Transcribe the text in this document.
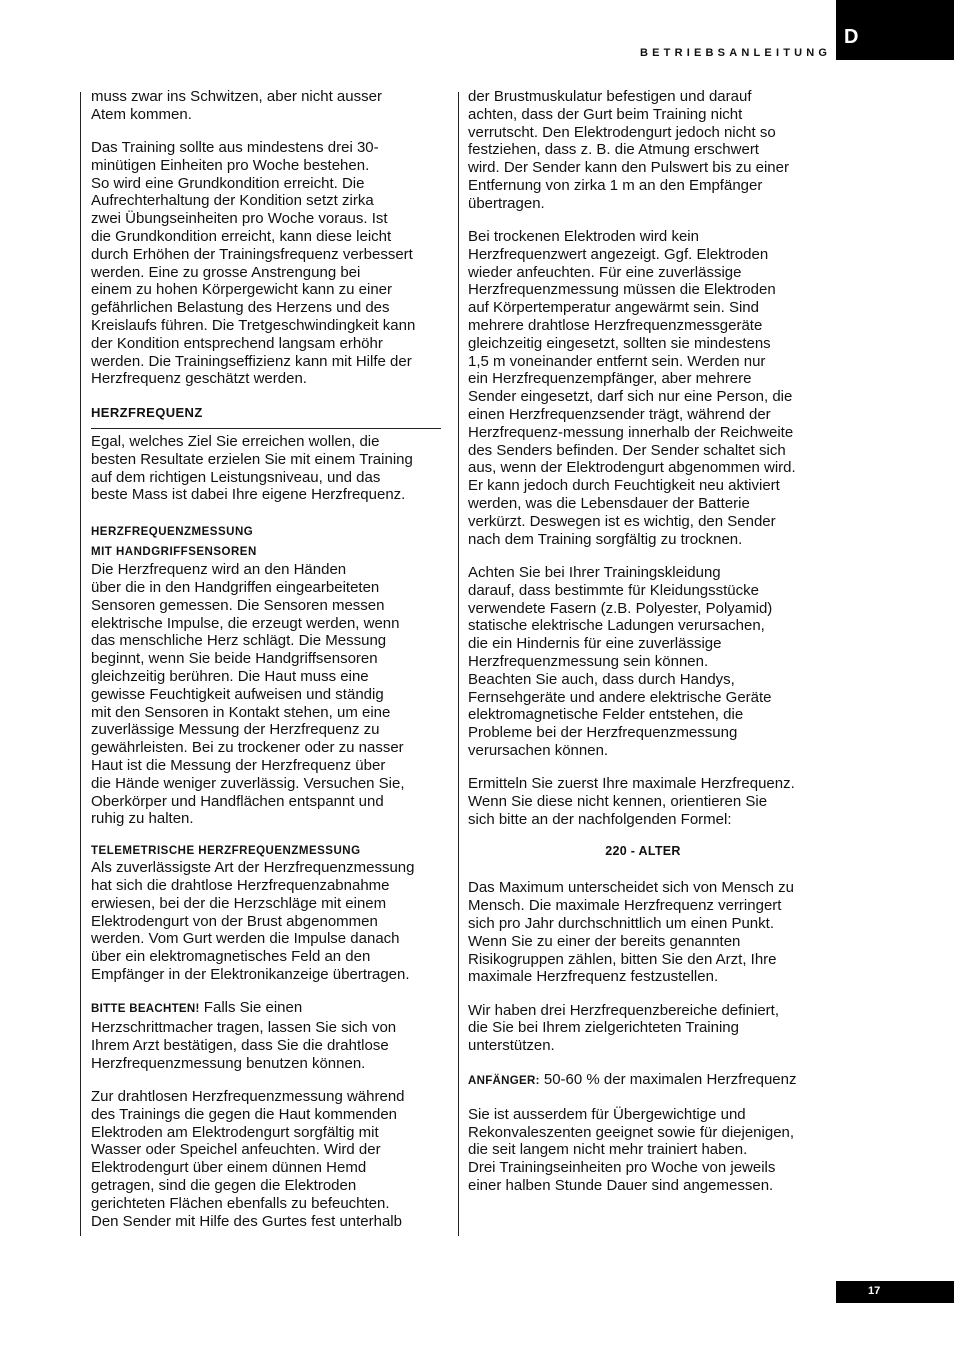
BETRIEBSANLEITUNG
D

muss zwar ins Schwitzen, aber nicht ausser
Atem kommen.

Das Training sollte aus mindestens drei 30-
minütigen Einheiten pro Woche bestehen.
So wird eine Grundkondition erreicht. Die
Aufrechterhaltung der Kondition setzt zirka
zwei Übungseinheiten pro Woche voraus. Ist
die Grundkondition erreicht, kann diese leicht
durch Erhöhen der Trainingsfrequenz verbessert
werden. Eine zu grosse Anstrengung bei
einem zu hohen Körpergewicht kann zu einer
gefährlichen Belastung des Herzens und des
Kreislaufs führen. Die Tretgeschwindingkeit kann
der Kondition entsprechend langsam erhöhr
werden. Die Trainingseffizienz kann mit Hilfe der
Herzfrequenz geschätzt werden.

HERZFREQUENZ

Egal, welches Ziel Sie erreichen wollen, die
besten Resultate erzielen Sie mit einem Training
auf dem richtigen Leistungsniveau, und das
beste Mass ist dabei Ihre eigene Herzfrequenz.

HERZFREQUENZMESSUNG
MIT HANDGRIFFSENSOREN

Die Herzfrequenz wird an den Händen
über die in den Handgriffen eingearbeiteten
Sensoren gemessen. Die Sensoren messen
elektrische Impulse, die erzeugt werden, wenn
das menschliche Herz schlägt. Die Messung
beginnt, wenn Sie beide Handgriffsensoren
gleichzeitig berühren. Die Haut muss eine
gewisse Feuchtigkeit aufweisen und ständig
mit den Sensoren in Kontakt stehen, um eine
zuverlässige Messung der Herzfrequenz zu
gewährleisten. Bei zu trockener oder zu nasser
Haut ist die Messung der Herzfrequenz über
die Hände weniger zuverlässig. Versuchen Sie,
Oberkörper und Handflächen entspannt und
ruhig zu halten.

TELEMETRISCHE HERZFREQUENZMESSUNG

Als zuverlässigste Art der Herzfrequenzmessung
hat sich die drahtlose Herzfrequenzabnahme
erwiesen, bei der die Herzschläge mit einem
Elektrodengurt von der Brust abgenommen
werden. Vom Gurt werden die Impulse danach
über ein elektromagnetisches Feld an den
Empfänger in der Elektronikanzeige übertragen.

BITTE BEACHTEN! Falls Sie einen
Herzschrittmacher tragen, lassen Sie sich von
Ihrem Arzt bestätigen, dass Sie die drahtlose
Herzfrequenzmessung benutzen können.

Zur drahtlosen Herzfrequenzmessung während
des Trainings die gegen die Haut kommenden
Elektroden am Elektrodengurt sorgfältig mit
Wasser oder Speichel anfeuchten. Wird der
Elektrodengurt über einem dünnen Hemd
getragen, sind die gegen die Elektroden
gerichteten Flächen ebenfalls zu befeuchten.
Den Sender mit Hilfe des Gurtes fest unterhalb

der Brustmuskulatur befestigen und darauf
achten, dass der Gurt beim Training nicht
verrutscht. Den Elektrodengurt jedoch nicht so
festziehen, dass z. B. die Atmung erschwert
wird. Der Sender kann den Pulswert bis zu einer
Entfernung von zirka 1 m an den Empfänger
übertragen.

Bei trockenen Elektroden wird kein
Herzfrequenzwert angezeigt. Ggf. Elektroden
wieder anfeuchten. Für eine zuverlässige
Herzfrequenzmessung müssen die Elektroden
auf Körpertemperatur angewärmt sein. Sind
mehrere drahtlose Herzfrequenzmessgeräte
gleichzeitig eingesetzt, sollten sie mindestens
1,5 m voneinander entfernt sein. Werden nur
ein Herzfrequenzempfänger, aber mehrere
Sender eingesetzt, darf sich nur eine Person, die
einen Herzfrequenzsender trägt, während der
Herzfrequenz-messung innerhalb der Reichweite
des Senders befinden. Der Sender schaltet sich
aus, wenn der Elektrodengurt abgenommen wird.
Er kann jedoch durch Feuchtigkeit neu aktiviert
werden, was die Lebensdauer der Batterie
verkürzt. Deswegen ist es wichtig, den Sender
nach dem Training sorgfältig zu trocknen.

Achten Sie bei Ihrer Trainingskleidung
darauf, dass bestimmte für Kleidungsstücke
verwendete Fasern (z.B. Polyester, Polyamid)
statische elektrische Ladungen verursachen,
die ein Hindernis für eine zuverlässige
Herzfrequenzmessung sein können.
Beachten Sie auch, dass durch Handys,
Fernsehgeräte und andere elektrische Geräte
elektromagnetische Felder entstehen, die
Probleme bei der Herzfrequenzmessung
verursachen können.

Ermitteln Sie zuerst Ihre maximale Herzfrequenz.
Wenn Sie diese nicht kennen, orientieren Sie
sich bitte an der nachfolgenden Formel:

220 - ALTER

Das Maximum unterscheidet sich von Mensch zu
Mensch. Die maximale Herzfrequenz verringert
sich pro Jahr durchschnittlich um einen Punkt.
Wenn Sie zu einer der bereits genannten
Risikogruppen zählen, bitten Sie den Arzt, Ihre
maximale Herzfrequenz festzustellen.

Wir haben drei Herzfrequenzbereiche definiert,
die Sie bei Ihrem zielgerichteten Training
unterstützen.

ANFÄNGER: 50-60 % der maximalen Herzfrequenz

Sie ist ausserdem für Übergewichtige und
Rekonvaleszenten geeignet sowie für diejenigen,
die seit langem nicht mehr trainiert haben.
Drei Trainingseinheiten pro Woche von jeweils
einer halben Stunde Dauer sind angemessen.

17
